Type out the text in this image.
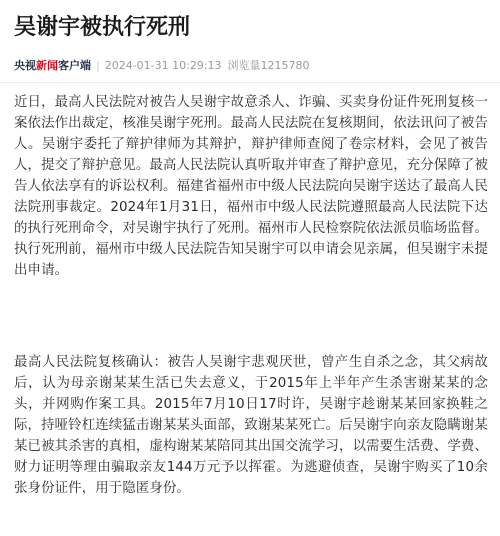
吴谢宇被执行死刑
央视新闻客户端 | 2024-01-31 10:29:13 浏览量1215780

近日，最高人民法院对被告人吴谢宇故意杀人、诈骗、买卖身份证件死刑复核一案依法作出裁定，核准吴谢宇死刑。最高人民法院在复核期间，依法讯问了被告人。吴谢宇委托了辩护律师为其辩护，辩护律师查阅了卷宗材料，会见了被告人，提交了辩护意见。最高人民法院认真听取并审查了辩护意见，充分保障了被告人依法享有的诉讼权利。福建省福州市中级人民法院向吴谢宇送达了最高人民法院刑事裁定。2024年1月31日，福州市中级人民法院遵照最高人民法院下达的执行死刑命令，对吴谢宇执行了死刑。福州市人民检察院依法派员临场监督。执行死刑前，福州市中级人民法院告知吴谢宇可以申请会见亲属，但吴谢宇未提出申请。

最高人民法院复核确认：被告人吴谢宇悲观厌世，曾产生自杀之念，其父病故后，认为母亲谢某某生活已失去意义，于2015年上半年产生杀害谢某某的念头，并网购作案工具。2015年7月10日17时许，吴谢宇趁谢某某回家换鞋之际，持哑铃杠连续猛击谢某某头面部，致谢某某死亡。后吴谢宇向亲友隐瞒谢某某已被其杀害的真相，虚构谢某某陪同其出国交流学习，以需要生活费、学费、财力证明等理由骗取亲友144万元予以挥霍。为逃避侦查，吴谢宇购买了10余张身份证件，用于隐匿身份。
